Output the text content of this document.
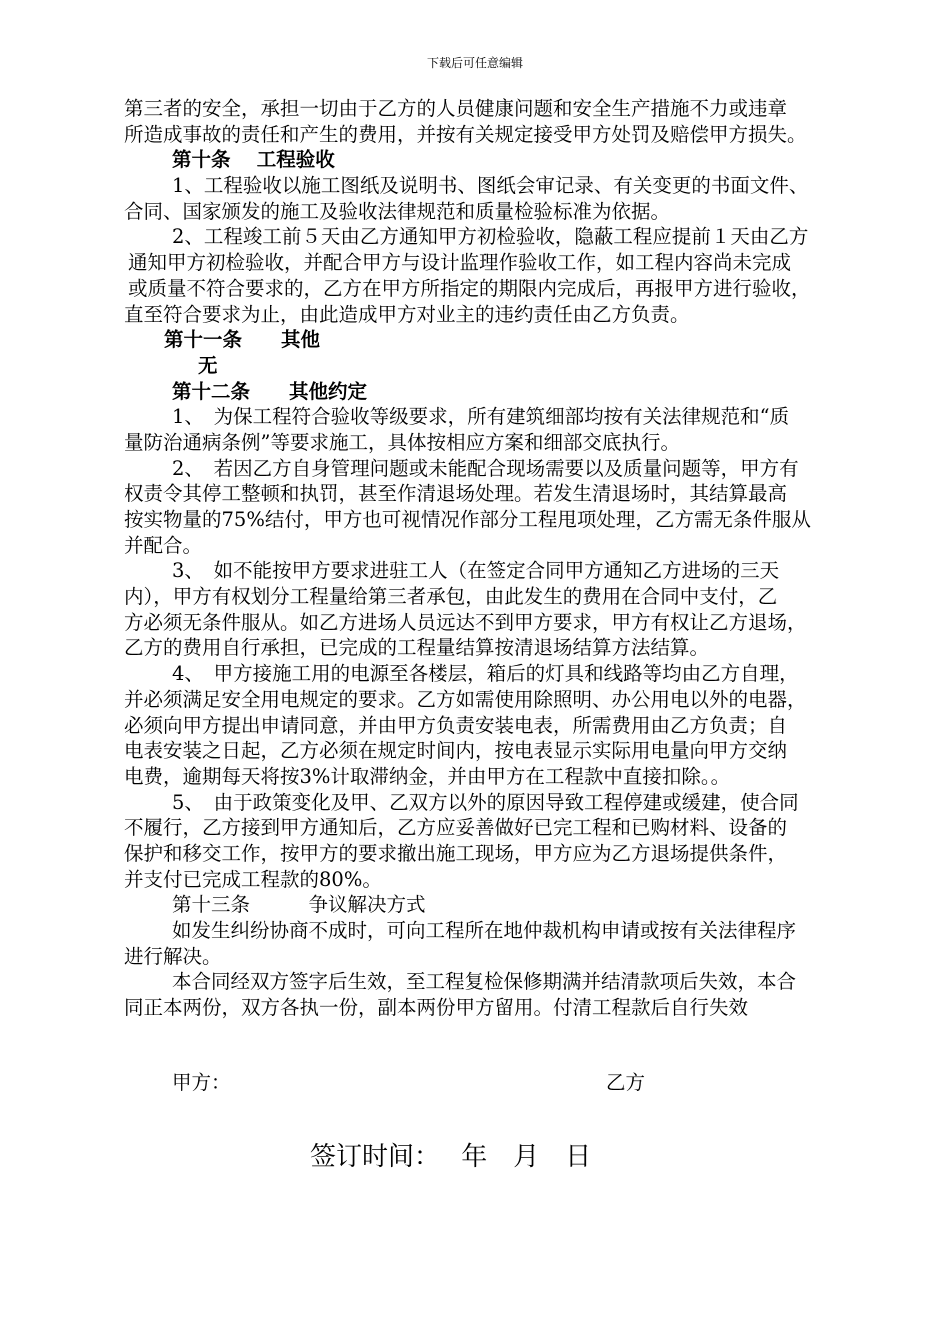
下载后可任意编辑
第三者的安全，承担一切由于乙方的人员健康问题和安全生产措施不力或违章
所造成事故的责任和产生的费用，并按有关规定接受甲方处罚及赔偿甲方损失。
第十条　 工程验收
1、工程验收以施工图纸及说明书、图纸会审记录、有关变更的书面文件、
合同、国家颁发的施工及验收法律规范和质量检验标准为依据。
2、工程竣工前５天由乙方通知甲方初检验收，隐蔽工程应提前１天由乙方
通知甲方初检验收，并配合甲方与设计监理作验收工作，如工程内容尚未完成
或质量不符合要求的，乙方在甲方所指定的期限内完成后，再报甲方进行验收，
直至符合要求为止，由此造成甲方对业主的违约责任由乙方负责。
第十一条　　其他
无
第十二条　　其他约定
1、　为保工程符合验收等级要求，所有建筑细部均按有关法律规范和“质
量防治通病条例”等要求施工，具体按相应方案和细部交底执行。
2、　若因乙方自身管理问题或未能配合现场需要以及质量问题等，甲方有
权责令其停工整顿和执罚，甚至作清退场处理。若发生清退场时，其结算最高
按实物量的75%结付，甲方也可视情况作部分工程甩项处理，乙方需无条件服从
并配合。
3、　如不能按甲方要求进驻工人（在签定合同甲方通知乙方进场的三天
内），甲方有权划分工程量给第三者承包，由此发生的费用在合同中支付，乙
方必须无条件服从。如乙方进场人员远达不到甲方要求，甲方有权让乙方退场，
乙方的费用自行承担，已完成的工程量结算按清退场结算方法结算。
4、　甲方接施工用的电源至各楼层，箱后的灯具和线路等均由乙方自理，
并必须满足安全用电规定的要求。乙方如需使用除照明、办公用电以外的电器，
必须向甲方提出申请同意，并由甲方负责安装电表，所需费用由乙方负责；自
电表安装之日起，乙方必须在规定时间内，按电表显示实际用电量向甲方交纳
电费，逾期每天将按3%计取滞纳金，并由甲方在工程款中直接扣除。。
5、　由于政策变化及甲、乙双方以外的原因导致工程停建或缓建，使合同
不履行，乙方接到甲方通知后，乙方应妥善做好已完工程和已购材料、设备的
保护和移交工作，按甲方的要求撤出施工现场，甲方应为乙方退场提供条件，
并支付已完成工程款的80%。
第十三条　　　争议解决方式
如发生纠纷协商不成时，可向工程所在地仲裁机构申请或按有关法律程序
进行解决。
本合同经双方签字后生效，至工程复检保修期满并结清款项后失效，本合
同正本两份，双方各执一份，副本两份甲方留用。付清工程款后自行失效
甲方：	乙方
签订时间：　 年　月　日
